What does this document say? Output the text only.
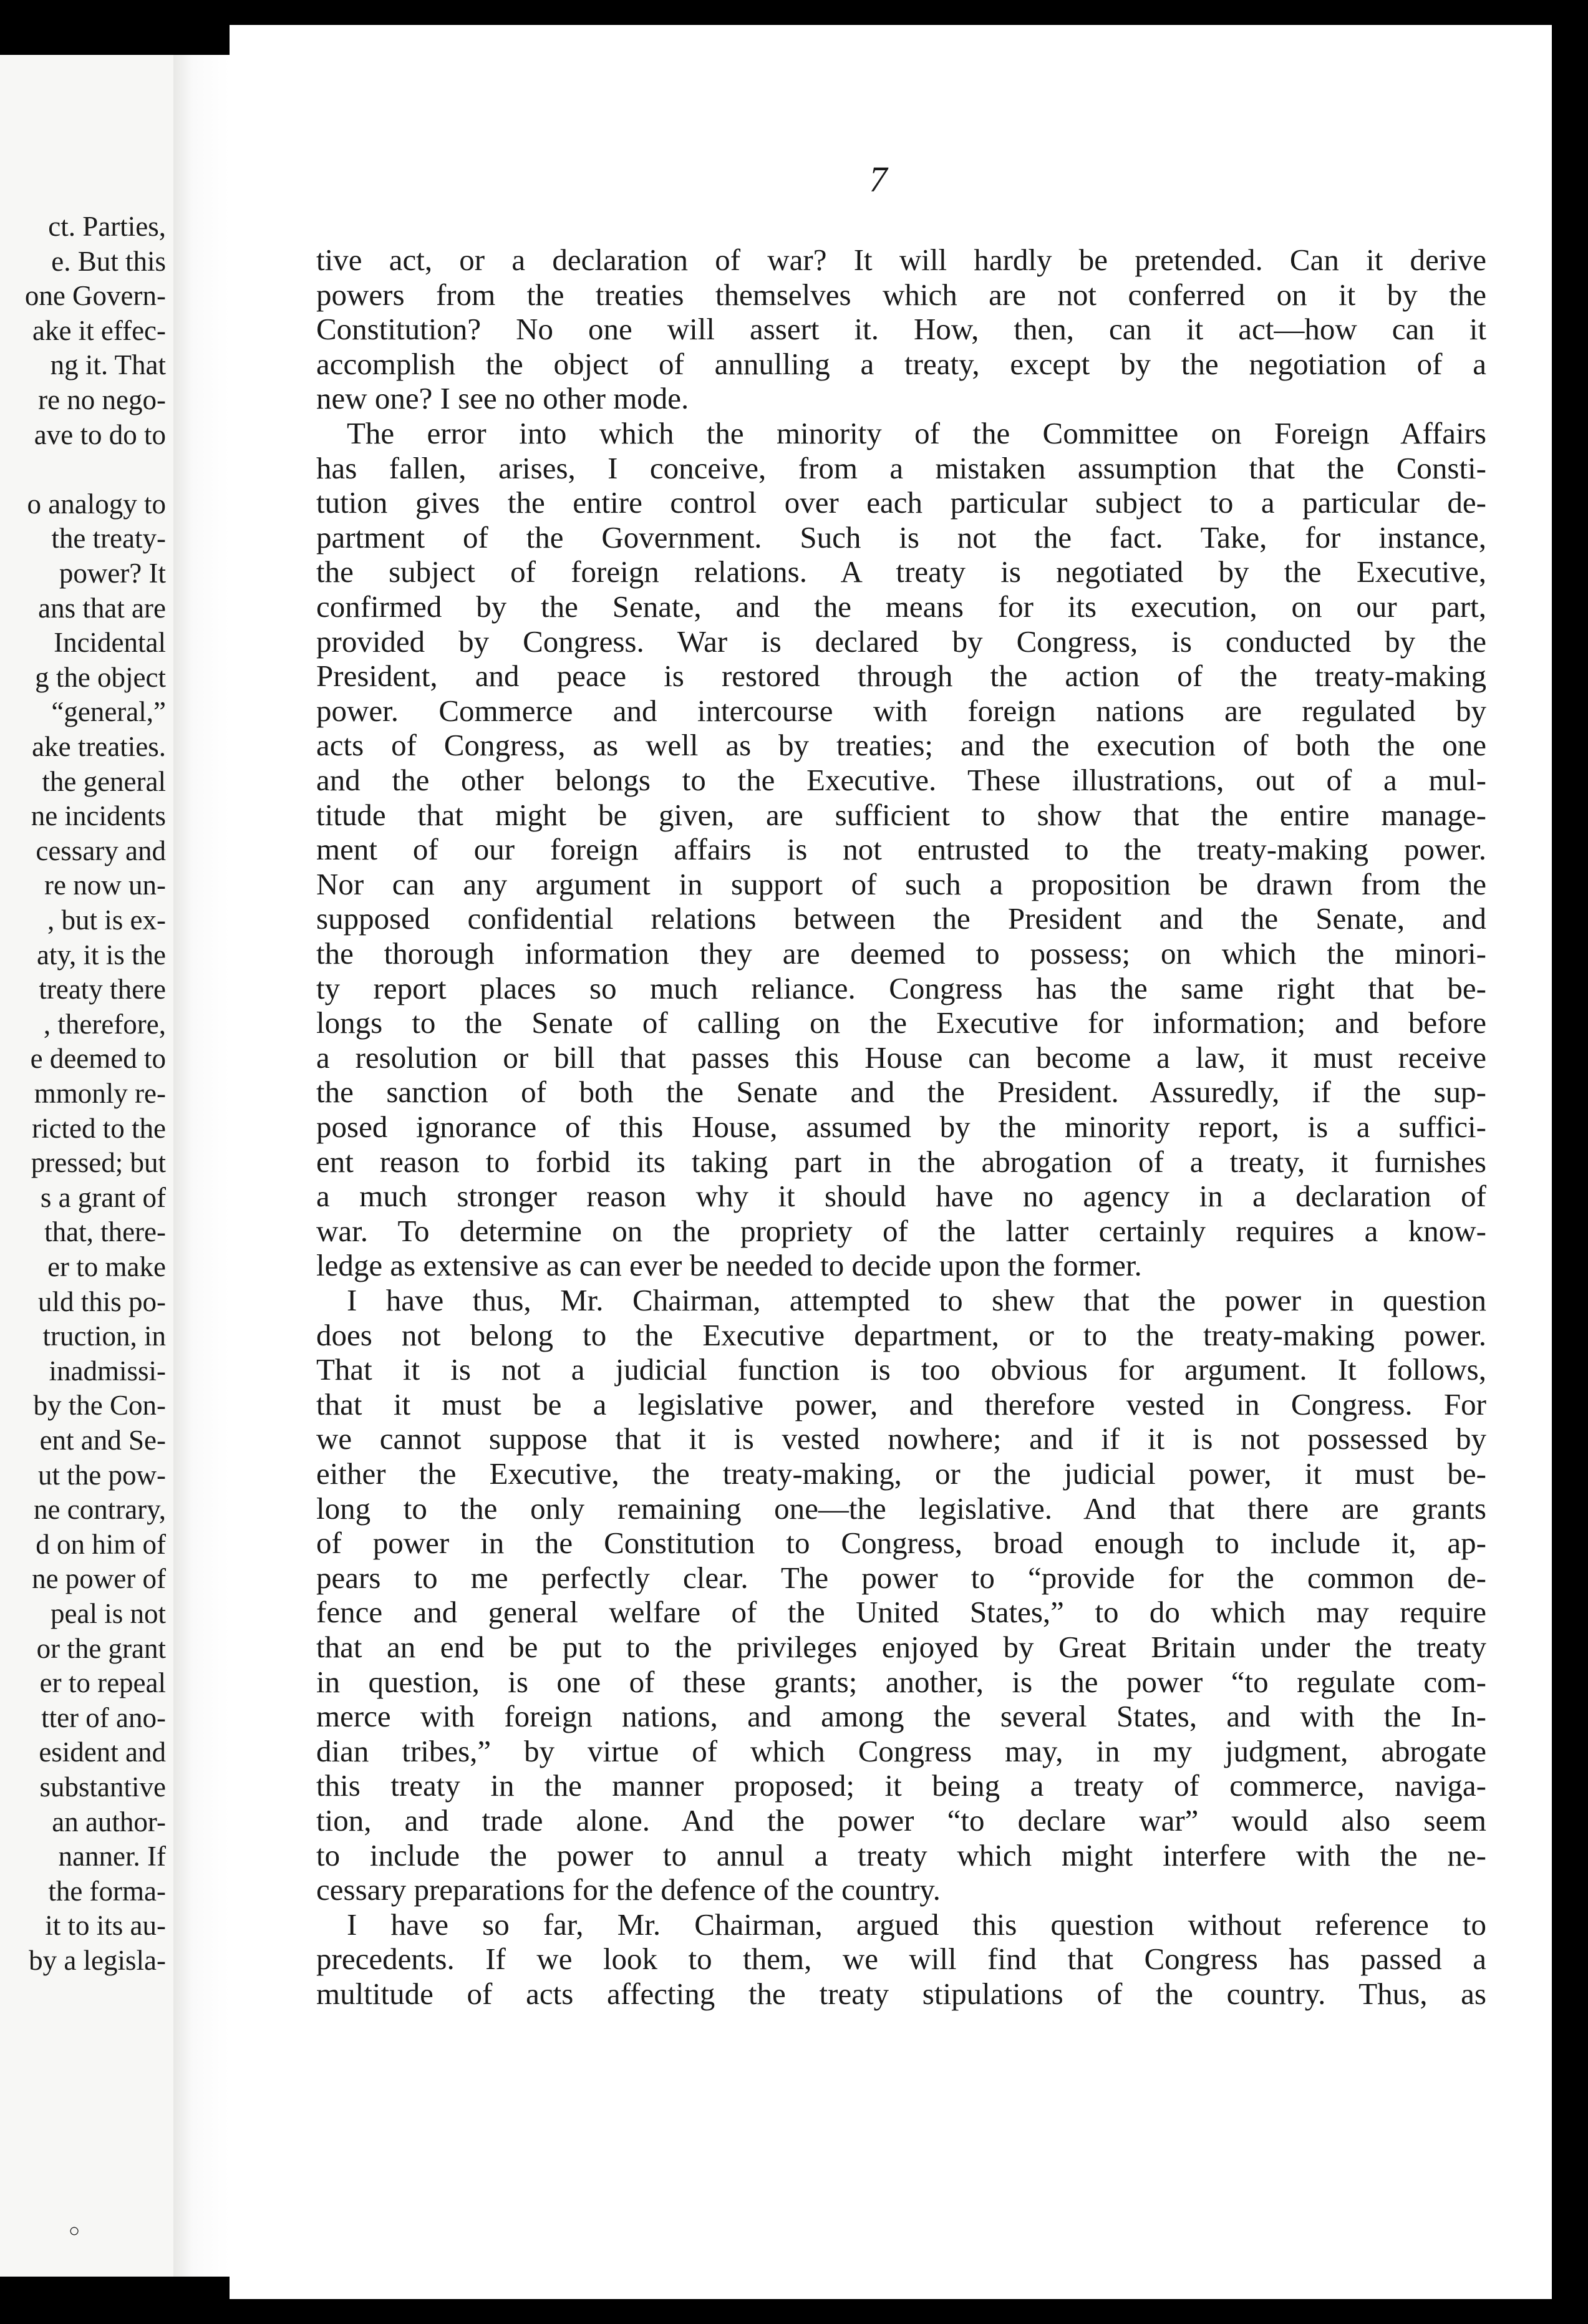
ct. Parties,
e. But this
one Govern-
ake it effec-
ng it. That
re no nego-
ave to do to
o analogy to
the treaty-
power? It
ans that are
Incidental
g the object
“general,”
ake treaties.
the general
ne incidents
cessary and
re now un-
, but is ex-
aty, it is the
treaty there
, therefore,
e deemed to
mmonly re-
ricted to the
pressed; but
s a grant of
that, there-
er to make
uld this po-
truction, in
inadmissi-
by the Con-
ent and Se-
ut the pow-
ne contrary,
d on him of
ne power of
peal is not
or the grant
er to repeal
tter of ano-
esident and
substantive
an author-
nanner. If
the forma-
it to its au-
by a legisla-
7
tive act, or a declaration of war? It will hardly be pretended. Can it derive
powers from the treaties themselves which are not conferred on it by the
Constitution? No one will assert it. How, then, can it act—how can it
accomplish the object of annulling a treaty, except by the negotiation of a
new one? I see no other mode.
The error into which the minority of the Committee on Foreign Affairs
has fallen, arises, I conceive, from a mistaken assumption that the Consti-
tution gives the entire control over each particular subject to a particular de-
partment of the Government. Such is not the fact. Take, for instance,
the subject of foreign relations. A treaty is negotiated by the Executive,
confirmed by the Senate, and the means for its execution, on our part,
provided by Congress. War is declared by Congress, is conducted by the
President, and peace is restored through the action of the treaty-making
power. Commerce and intercourse with foreign nations are regulated by
acts of Congress, as well as by treaties; and the execution of both the one
and the other belongs to the Executive. These illustrations, out of a mul-
titude that might be given, are sufficient to show that the entire manage-
ment of our foreign affairs is not entrusted to the treaty-making power.
Nor can any argument in support of such a proposition be drawn from the
supposed confidential relations between the President and the Senate, and
the thorough information they are deemed to possess; on which the minori-
ty report places so much reliance. Congress has the same right that be-
longs to the Senate of calling on the Executive for information; and before
a resolution or bill that passes this House can become a law, it must receive
the sanction of both the Senate and the President. Assuredly, if the sup-
posed ignorance of this House, assumed by the minority report, is a suffici-
ent reason to forbid its taking part in the abrogation of a treaty, it furnishes
a much stronger reason why it should have no agency in a declaration of
war. To determine on the propriety of the latter certainly requires a know-
ledge as extensive as can ever be needed to decide upon the former.
I have thus, Mr. Chairman, attempted to shew that the power in question
does not belong to the Executive department, or to the treaty-making power.
That it is not a judicial function is too obvious for argument. It follows,
that it must be a legislative power, and therefore vested in Congress. For
we cannot suppose that it is vested nowhere; and if it is not possessed by
either the Executive, the treaty-making, or the judicial power, it must be-
long to the only remaining one—the legislative. And that there are grants
of power in the Constitution to Congress, broad enough to include it, ap-
pears to me perfectly clear. The power to “provide for the common de-
fence and general welfare of the United States,” to do which may require
that an end be put to the privileges enjoyed by Great Britain under the treaty
in question, is one of these grants; another, is the power “to regulate com-
merce with foreign nations, and among the several States, and with the In-
dian tribes,” by virtue of which Congress may, in my judgment, abrogate
this treaty in the manner proposed; it being a treaty of commerce, naviga-
tion, and trade alone. And the power “to declare war” would also seem
to include the power to annul a treaty which might interfere with the ne-
cessary preparations for the defence of the country.
I have so far, Mr. Chairman, argued this question without reference to
precedents. If we look to them, we will find that Congress has passed a
multitude of acts affecting the treaty stipulations of the country. Thus, as
○
